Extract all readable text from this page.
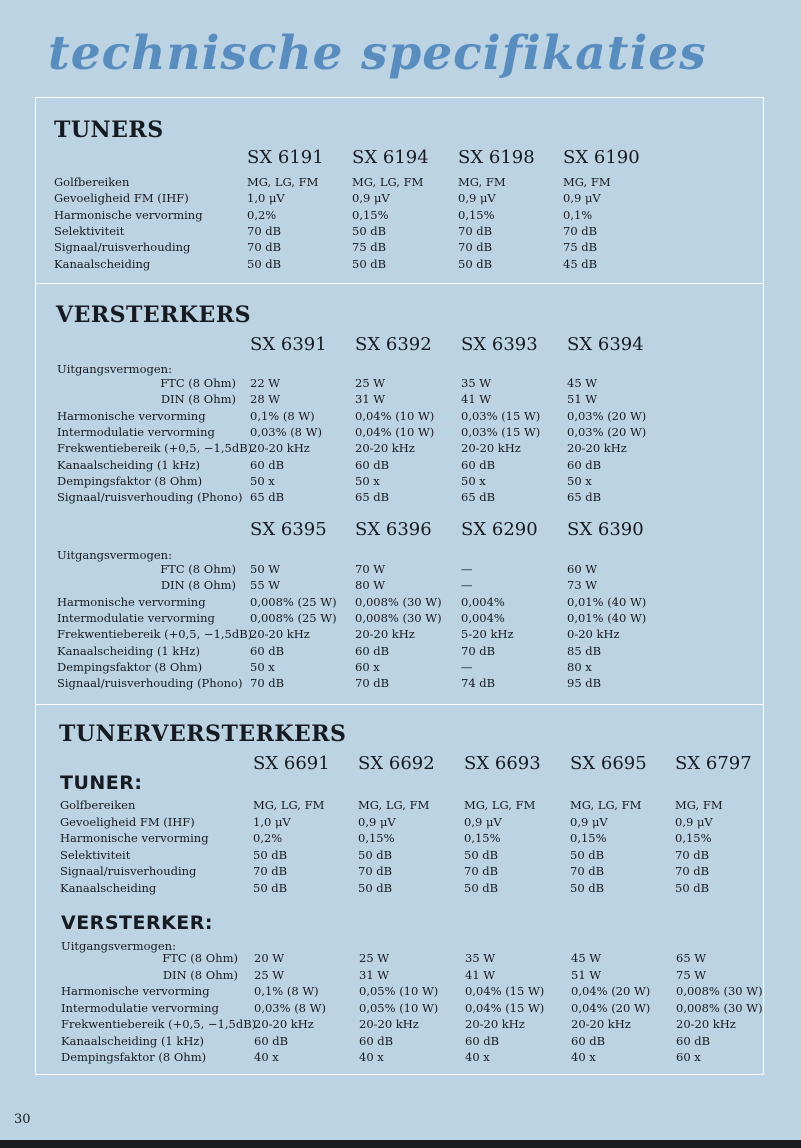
technische specifikaties
TUNERS
SX 6191 SX 6194 SX 6198 SX 6190
Golfbereiken	MG, LG, FM	MG, LG, FM	MG, FM	MG, FM
Gevoeligheid FM (IHF)	1,0 μV	0,9 μV	0,9 μV	0,9 μV
Harmonische vervorming	0,2%	0,15%	0,15%	0,1%
Selektiviteit	70 dB	50 dB	70 dB	70 dB
Signaal/ruisverhouding	70 dB	75 dB	70 dB	75 dB
Kanaalscheiding	50 dB	50 dB	50 dB	45 dB
VERSTERKERS
SX 6391 SX 6392 SX 6393 SX 6394
Uitgangsvermogen:
FTC (8 Ohm) 22 W	25 W	35 W	45 W
DIN (8 Ohm) 28 W	31 W	41 W	51 W
Harmonische vervorming	0,1% (8 W)	0,04% (10 W) 0,03% (15 W) 0,03% (20 W)
Intermodulatie vervorming	0,03% (8 W)	0,04% (10 W) 0,03% (15 W) 0,03% (20 W)
Frekwentiebereik (+0,5, −1,5dB)
20-20 kHz	20-20 kHz	20-20 kHz	20-20 kHz
Kanaalscheiding (1 kHz)	60 dB	60 dB	60 dB	60 dB
Dempingsfaktor (8 Ohm)	50 x	50 x	50 x	50 x
Signaal/ruisverhouding (Phono) 65 dB	65 dB	65 dB	65 dB
SX 6395 SX 6396 SX 6290 SX 6390
Uitgangsvermogen:
FTC (8 Ohm) 50 W	70 W	—	60 W
DIN (8 Ohm) 55 W	80 W	—	73 W
Harmonische vervorming	0,008% (25 W) 0,008% (30 W) 0,004%	0,01% (40 W)
Intermodulatie vervorming	0,008% (25 W) 0,008% (30 W) 0,004%	0,01% (40 W)
Frekwentiebereik (+0,5, −1,5dB)
20-20 kHz	20-20 kHz	5-20 kHz	0-20 kHz
Kanaalscheiding (1 kHz)	60 dB	60 dB	70 dB	85 dB
Dempingsfaktor (8 Ohm)	50 x	60 x	—	80 x
Signaal/ruisverhouding (Phono) 70 dB	70 dB	74 dB	95 dB
TUNERVERSTERKERS
TUNER:
SX 6691 SX 6692 SX 6693 SX 6695 SX 6797
Golfbereiken	MG, LG, FM	MG, LG, FM	MG, LG, FM	MG, LG, FM	MG, FM
Gevoeligheid FM (IHF)	1,0 μV	0,9 μV	0,9 μV	0,9 μV	0,9 μV
Harmonische vervorming	0,2%	0,15%	0,15%	0,15%	0,15%
Selektiviteit	50 dB	50 dB	50 dB	50 dB	70 dB
Signaal/ruisverhouding	70 dB	70 dB	70 dB	70 dB	70 dB
Kanaalscheiding	50 dB	50 dB	50 dB	50 dB	50 dB
VERSTERKER:
Uitgangsvermogen:
FTC (8 Ohm) 20 W	25 W	35 W	45 W	65 W
DIN (8 Ohm) 25 W	31 W	41 W	51 W	75 W
Harmonische vervorming	0,1% (8 W)	0,05% (10 W) 0,04% (15 W) 0,04% (20 W) 0,008% (30 W)
Intermodulatie vervorming	0,03% (8 W)	0,05% (10 W) 0,04% (15 W) 0,04% (20 W) 0,008% (30 W)
Frekwentiebereik (+0,5, −1,5dB)
20-20 kHz	20-20 kHz	20-20 kHz	20-20 kHz	20-20 kHz
Kanaalscheiding (1 kHz)	60 dB	60 dB	60 dB	60 dB	60 dB
Dempingsfaktor (8 Ohm)	40 x	40 x	40 x	40 x	60 x
30
